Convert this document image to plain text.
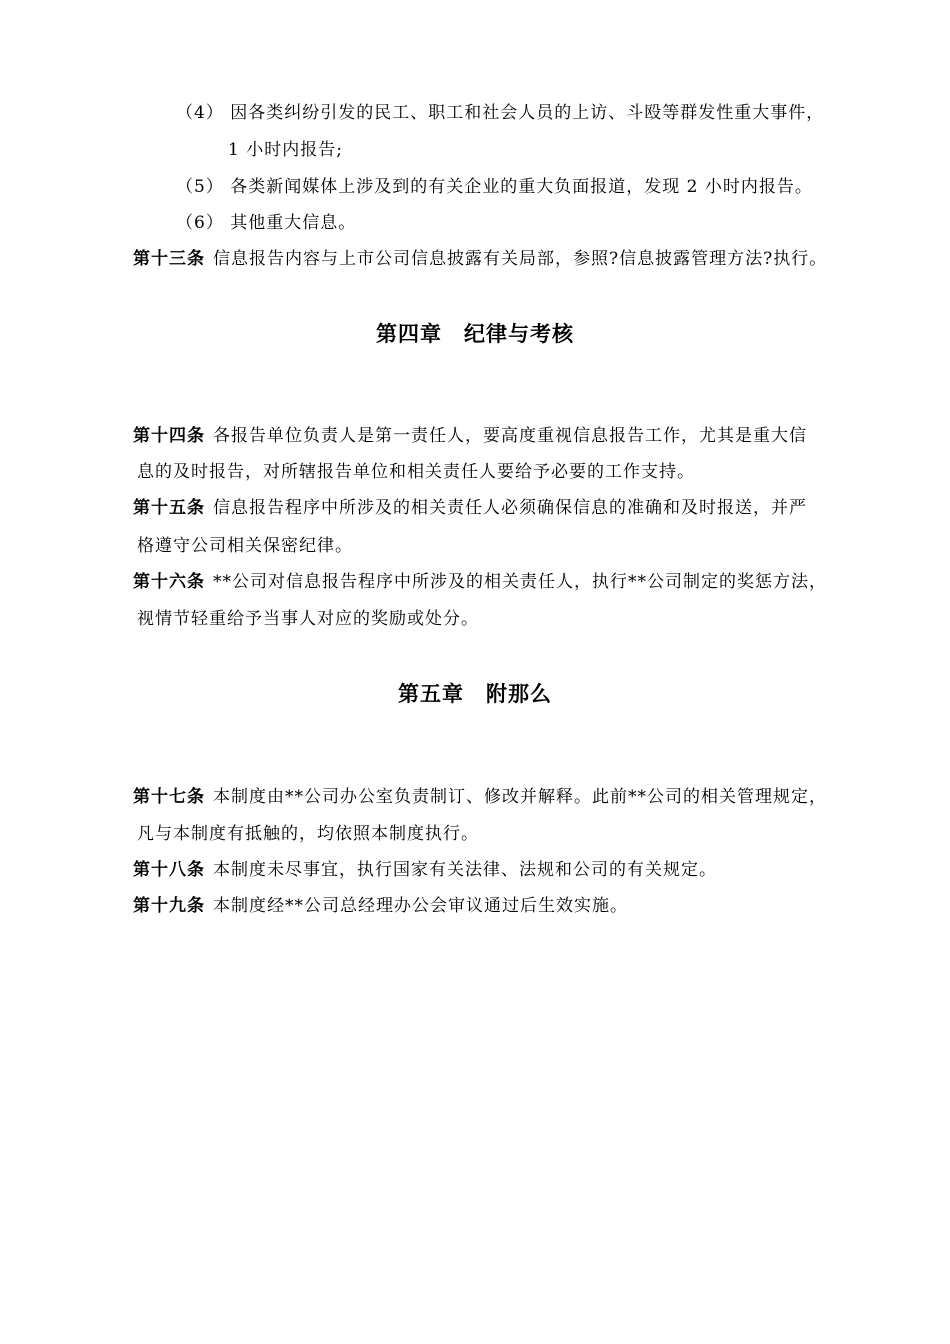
（4） 因各类纠纷引发的民工、职工和社会人员的上访、斗殴等群发性重大事件，
1 小时内报告;
（5） 各类新闻媒体上涉及到的有关企业的重大负面报道，发现 2 小时内报告。
（6） 其他重大信息。
第十三条 信息报告内容与上市公司信息披露有关局部，参照?信息披露管理方法?执行。
第四章　纪律与考核
第十四条 各报告单位负责人是第一责任人，要高度重视信息报告工作，尤其是重大信
息的及时报告，对所辖报告单位和相关责任人要给予必要的工作支持。
第十五条 信息报告程序中所涉及的相关责任人必须确保信息的准确和及时报送，并严
格遵守公司相关保密纪律。
第十六条 **公司对信息报告程序中所涉及的相关责任人，执行**公司制定的奖惩方法，
视情节轻重给予当事人对应的奖励或处分。
第五章　附那么
第十七条 本制度由**公司办公室负责制订、修改并解释。此前**公司的相关管理规定，
凡与本制度有抵触的，均依照本制度执行。
第十八条 本制度未尽事宜，执行国家有关法律、法规和公司的有关规定。
第十九条 本制度经**公司总经理办公会审议通过后生效实施。
